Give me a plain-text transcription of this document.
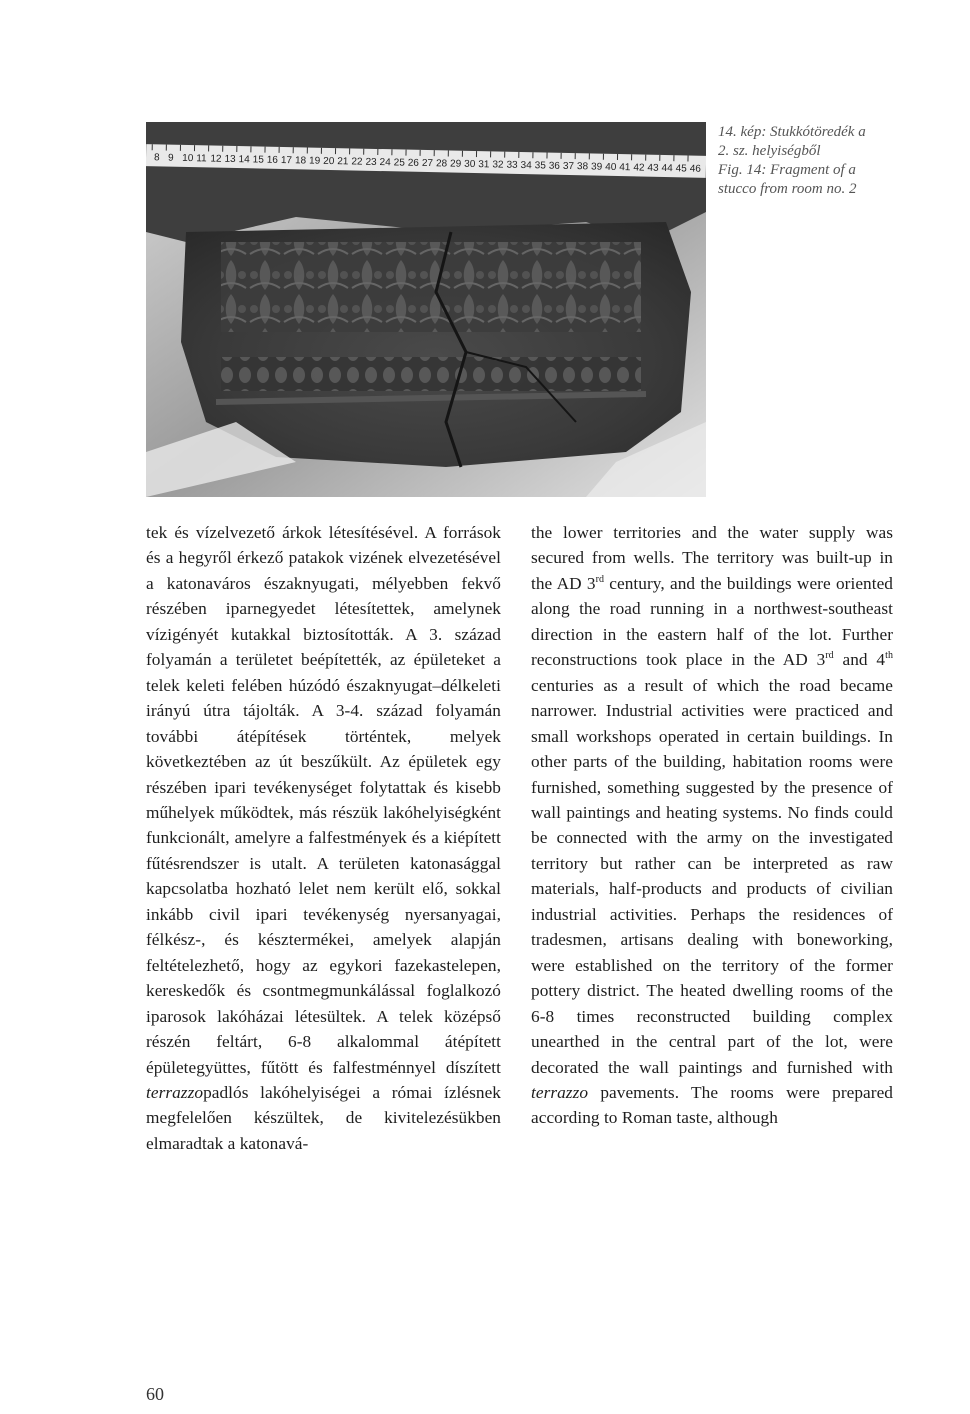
8 9 10 11 12 13 14 15 16 17 18 19 20 21 22 23 24 25 26 27 28 29 30 31 32 33 34 35 36 37 38 39 40 41 42 43 44 45 46
14. kép: Stukkótöredék a
2. sz. helyiségből
Fig. 14: Fragment of a
stucco from room no. 2

tek és vízelvezető árkok létesítésével. A források és a hegyről érkező patakok vizének elvezetésével a katonaváros északnyugati, mélyebben fekvő részében iparnegyedet létesítettek, amelynek vízigényét kutakkal biztosították. A 3. század folyamán a területet beépítették, az épületeket a telek keleti felében húzódó északnyugat–délkeleti irányú útra tájolták. A 3-4. század folyamán további átépítések történtek, melyek következtében az út beszűkült. Az épületek egy részében ipari tevékenységet folytattak és kisebb műhelyek működtek, más részük lakóhelyiségként funkcionált, amelyre a falfestmények és a kiépített fűtésrendszer is utalt. A területen katonasággal kapcsolatba hozható lelet nem került elő, sokkal inkább civil ipari tevékenység nyersanyagai, félkész-, és késztermékei, amelyek alapján feltételezhető, hogy az egykori fazekastelepen, kereskedők és csontmegmunkálással foglalkozó iparosok lakóházai létesültek. A telek középső részén feltárt, 6-8 alkalommal átépített épületegyüttes, fűtött és falfestménnyel díszített terrazzopadlós lakóhelyiségei a római ízlésnek megfelelően készültek, de kivitelezésükben elmaradtak a katonavá-

the lower territories and the water supply was secured from wells. The territory was built-up in the AD 3rd century, and the buildings were oriented along the road running in a northwest-southeast direction in the eastern half of the lot. Further reconstructions took place in the AD 3rd and 4th centuries as a result of which the road became narrower. Industrial activities were practiced and small workshops operated in certain buildings. In other parts of the building, habitation rooms were furnished, something suggested by the presence of wall paintings and heating systems. No finds could be connected with the army on the investigated territory but rather can be interpreted as raw materials, half-products and products of civilian industrial activities. Perhaps the residences of tradesmen, artisans dealing with boneworking, were established on the territory of the former pottery district. The heated dwelling rooms of the 6-8 times reconstructed building complex unearthed in the central part of the lot, were decorated the wall paintings and furnished with terrazzo pavements. The rooms were prepared according to Roman taste, although

60
